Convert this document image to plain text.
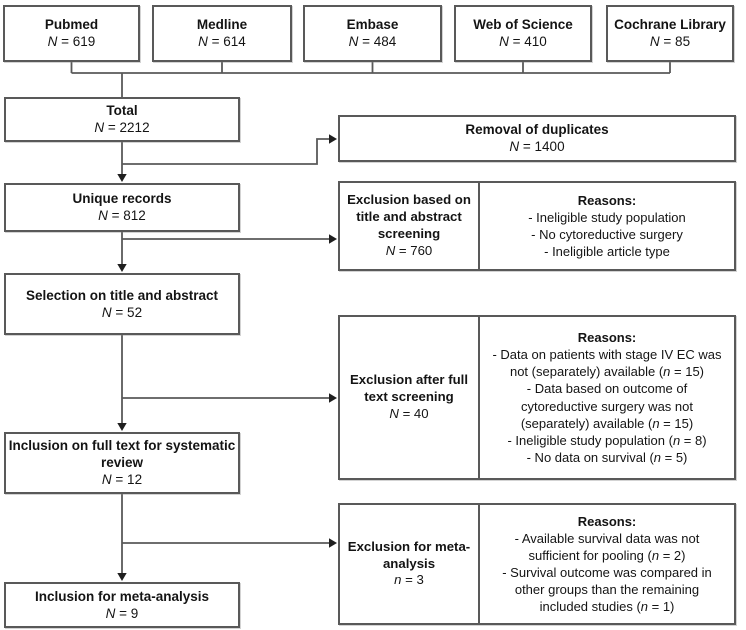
Pubmed
N = 619
Medline
N = 614
Embase
N = 484
Web of Science
N = 410
Cochrane Library
N = 85
Total
N = 2212
Unique records
N = 812
Selection on title and abstract
N = 52
Inclusion on full text for systematic review
N = 12
Inclusion for meta-analysis
N = 9
Removal of duplicates
N = 1400
Exclusion based on title and abstract screening
N = 760
Reasons:
- Ineligible study population
- No cytoreductive surgery
- Ineligible article type
Exclusion after full text screening
N = 40
Reasons:
- Data on patients with stage IV EC was not (separately) available (n = 15)
- Data based on outcome of cytoreductive surgery was not (separately) available (n = 15)
- Ineligible study population (n = 8)
- No data on survival (n = 5)
Exclusion for meta-analysis
n = 3
Reasons:
- Available survival data was not sufficient for pooling (n = 2)
- Survival outcome was compared in other groups than the remaining included studies (n = 1)
